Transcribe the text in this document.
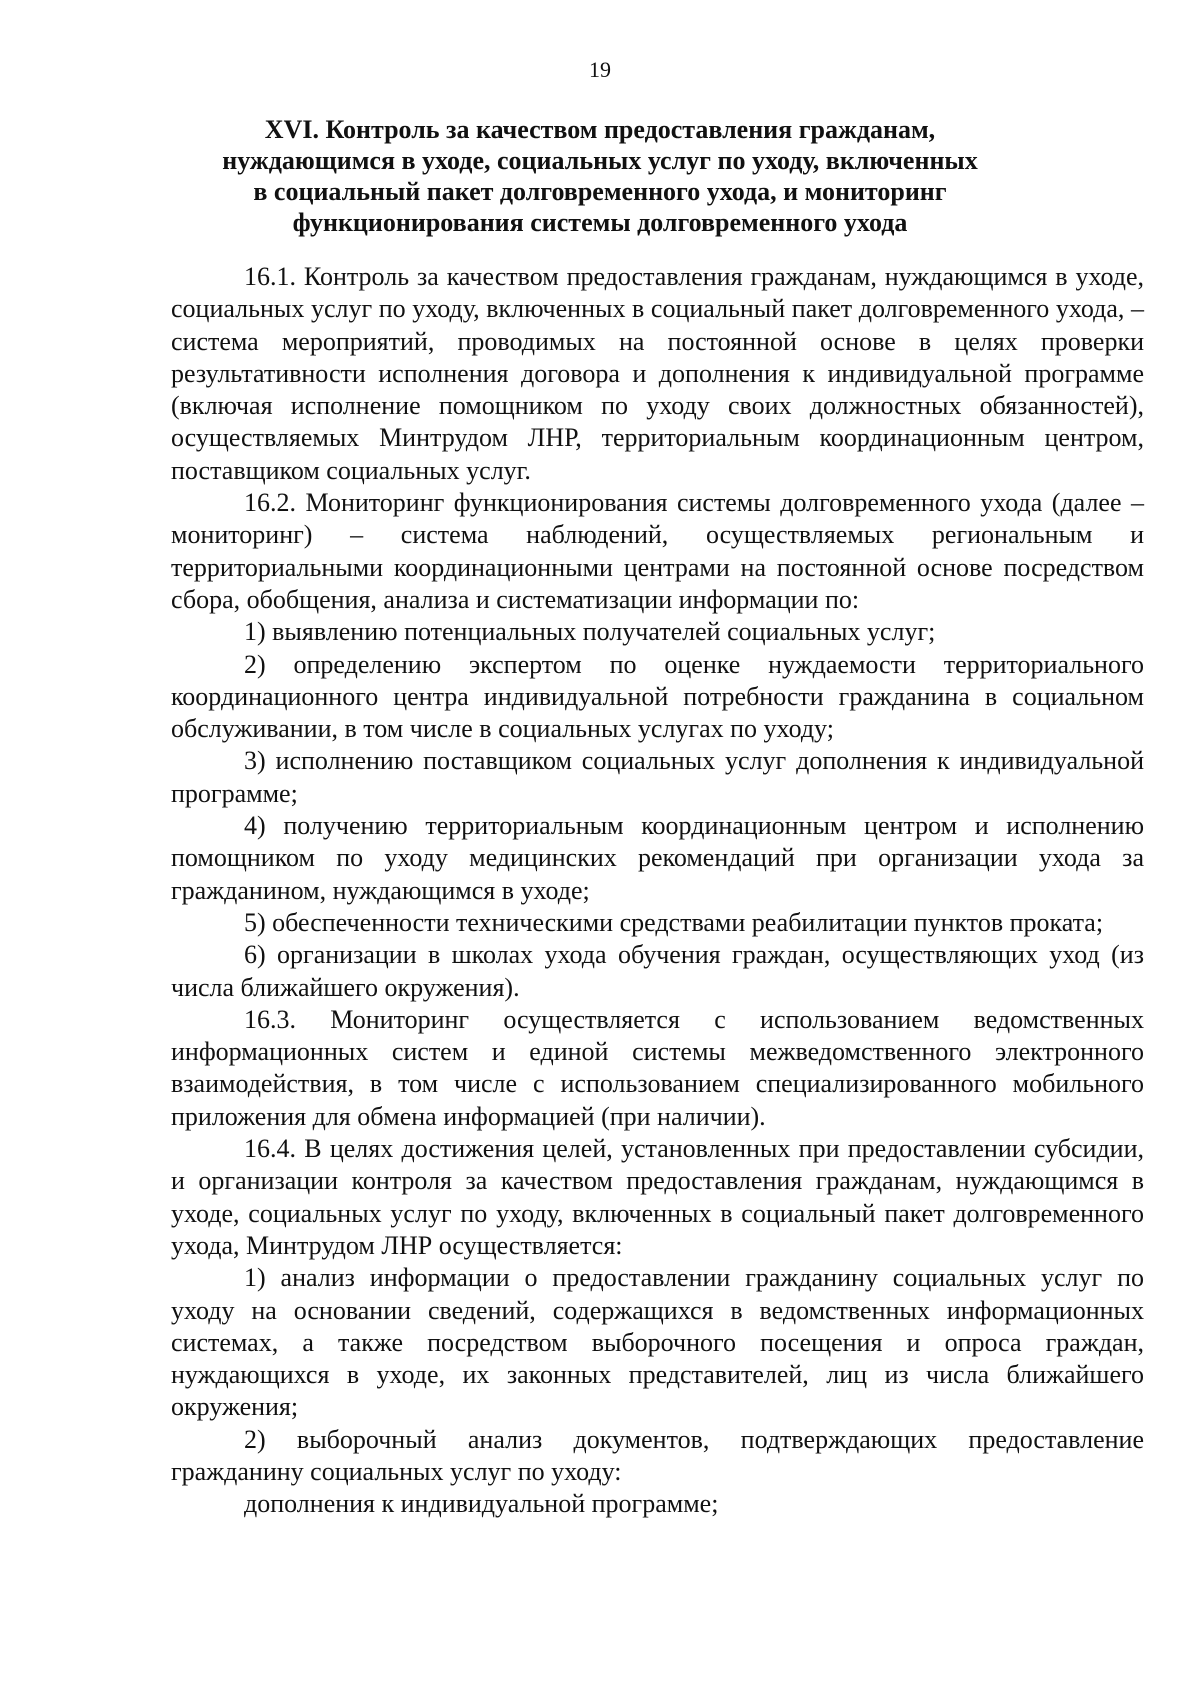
19
XVI. Контроль за качеством предоставления гражданам,
нуждающимся в уходе, социальных услуг по уходу, включенных
в социальный пакет долговременного ухода, и мониторинг
функционирования системы долговременного ухода

16.1. Контроль за качеством предоставления гражданам, нуждающимся в уходе, социальных услуг по уходу, включенных в социальный пакет долговременного ухода, – система мероприятий, проводимых на постоянной основе в целях проверки результативности исполнения договора и дополнения к индивидуальной программе (включая исполнение помощником по уходу своих должностных обязанностей), осуществляемых Минтрудом ЛНР, территориальным координационным центром, поставщиком социальных услуг.

16.2. Мониторинг функционирования системы долговременного ухода (далее – мониторинг) – система наблюдений, осуществляемых региональным и территориальными координационными центрами на постоянной основе посредством сбора, обобщения, анализа и систематизации информации по:

1) выявлению потенциальных получателей социальных услуг;

2) определению экспертом по оценке нуждаемости территориального координационного центра индивидуальной потребности гражданина в социальном обслуживании, в том числе в социальных услугах по уходу;

3) исполнению поставщиком социальных услуг дополнения к индивидуальной программе;

4) получению территориальным координационным центром и исполнению помощником по уходу медицинских рекомендаций при организации ухода за гражданином, нуждающимся в уходе;

5) обеспеченности техническими средствами реабилитации пунктов проката;

6) организации в школах ухода обучения граждан, осуществляющих уход (из числа ближайшего окружения).

16.3. Мониторинг осуществляется с использованием ведомственных информационных систем и единой системы межведомственного электронного взаимодействия, в том числе с использованием специализированного мобильного приложения для обмена информацией (при наличии).

16.4. В целях достижения целей, установленных при предоставлении субсидии, и организации контроля за качеством предоставления гражданам, нуждающимся в уходе, социальных услуг по уходу, включенных в социальный пакет долговременного ухода, Минтрудом ЛНР осуществляется:

1) анализ информации о предоставлении гражданину социальных услуг по уходу на основании сведений, содержащихся в ведомственных информационных системах, а также посредством выборочного посещения и опроса граждан, нуждающихся в уходе, их законных представителей, лиц из числа ближайшего окружения;

2) выборочный анализ документов, подтверждающих предоставление гражданину социальных услуг по уходу:

дополнения к индивидуальной программе;
